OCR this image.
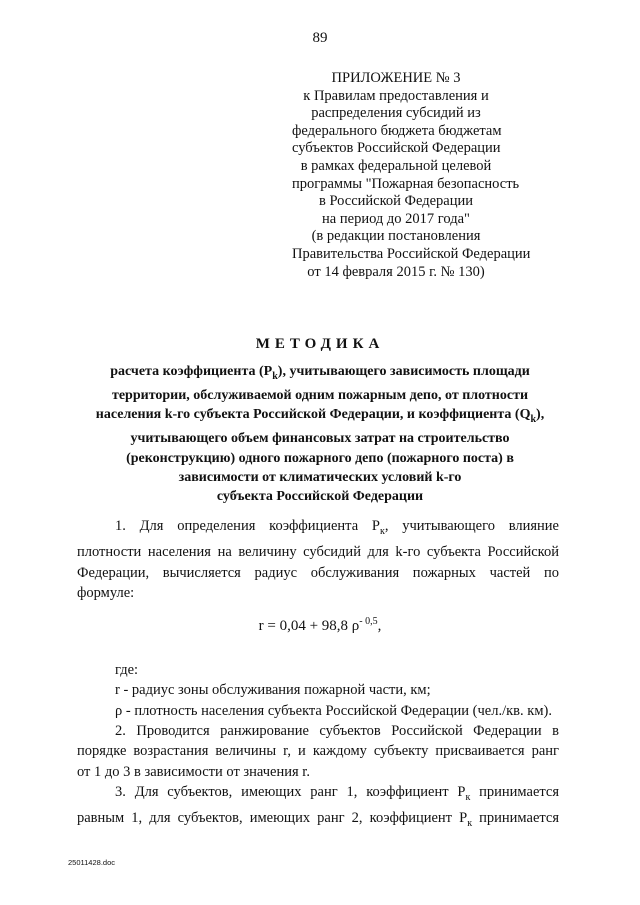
89
ПРИЛОЖЕНИЕ № 3
к Правилам предоставления и
распределения субсидий из
федерального бюджета бюджетам
субъектов Российской Федерации
в рамках федеральной целевой
программы "Пожарная безопасность
в Российской Федерации
на период до 2017 года"
(в редакции постановления
Правительства Российской Федерации
от 14 февраля 2015 г. № 130)
МЕТОДИКА
расчета коэффициента $(P_k)$, учитывающего зависимость площади
территории, обслуживаемой одним пожарным депо, от плотности
населения k-го субъекта Российской Федерации, и коэффициента $(Q_k)$,
учитывающего объем финансовых затрат на строительство
(реконструкцию) одного пожарного депо (пожарного поста) в
зависимости от климатических условий k-го
субъекта Российской Федерации
1. Для определения коэффициента $P_к$, учитывающего влияние
плотности населения на величину субсидий для k-го субъекта Российской
Федерации, вычисляется радиус обслуживания пожарных частей по
формуле:
r = 0,04 + 98,8 $\rho^{- 0,5}$,
где:
r - радиус зоны обслуживания пожарной части, км;
ρ - плотность населения субъекта Российской Федерации (чел./кв. км).
2. Проводится ранжирование субъектов Российской Федерации в
порядке возрастания величины r, и каждому субъекту присваивается ранг
от 1 до 3 в зависимости от значения r.
3. Для субъектов, имеющих ранг 1, коэффициент $P_к$ принимается
равным 1, для субъектов, имеющих ранг 2, коэффициент $P_к$ принимается
25011428.doc
